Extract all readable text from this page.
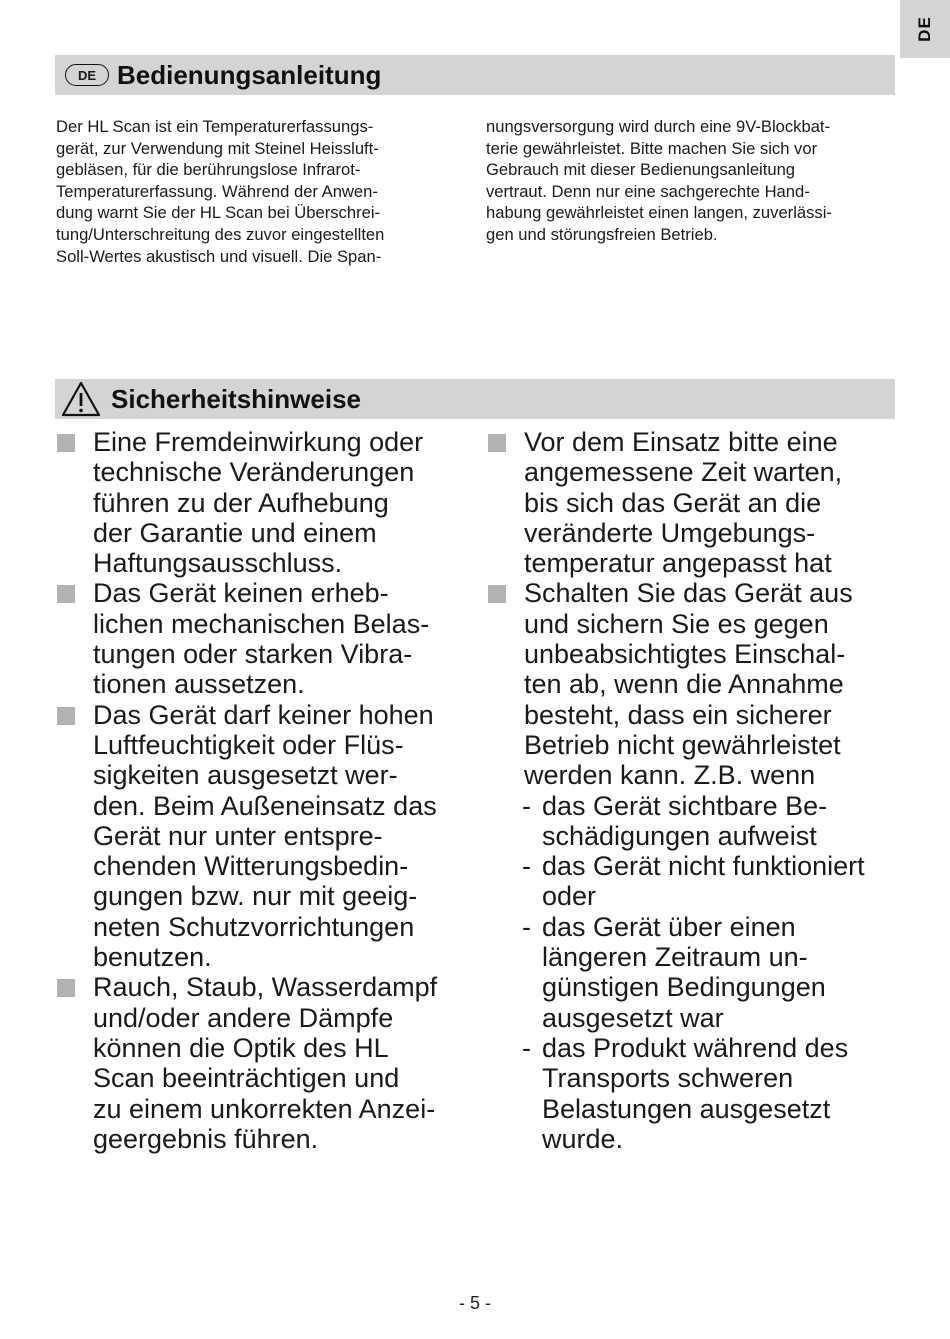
DE
DE Bedienungsanleitung
Der HL Scan ist ein Temperaturerfassungs-
gerät, zur Verwendung mit Steinel Heissluft-
gebläsen, für die berührungslose Infrarot-
Temperaturerfassung. Während der Anwen-
dung warnt Sie der HL Scan bei Überschrei-
tung/Unterschreitung des zuvor eingestellten
Soll-Wertes akustisch und visuell. Die Span-
nungsversorgung wird durch eine 9V-Blockbat-
terie gewährleistet. Bitte machen Sie sich vor
Gebrauch mit dieser Bedienungsanleitung
vertraut. Denn nur eine sachgerechte Hand-
habung gewährleistet einen langen, zuverlässi-
gen und störungsfreien Betrieb.
Sicherheitshinweise
Eine Fremdeinwirkung oder
technische Veränderungen
führen zu der Aufhebung
der Garantie und einem
Haftungsausschluss.
Das Gerät keinen erheb-
lichen mechanischen Belas-
tungen oder starken Vibra-
tionen aussetzen.
Das Gerät darf keiner hohen
Luftfeuchtigkeit oder Flüs-
sigkeiten ausgesetzt wer-
den. Beim Außeneinsatz das
Gerät nur unter entspre-
chenden Witterungsbedin-
gungen bzw. nur mit geeig-
neten Schutzvorrichtungen
benutzen.
Rauch, Staub, Wasserdampf
und/oder andere Dämpfe
können die Optik des HL
Scan beeinträchtigen und
zu einem unkorrekten Anzei-
geergebnis führen.
Vor dem Einsatz bitte eine
angemessene Zeit warten,
bis sich das Gerät an die
veränderte Umgebungs-
temperatur angepasst hat
Schalten Sie das Gerät aus
und sichern Sie es gegen
unbeabsichtigtes Einschal-
ten ab, wenn die Annahme
besteht, dass ein sicherer
Betrieb nicht gewährleistet
werden kann. Z.B. wenn
- das Gerät sichtbare Be-
schädigungen aufweist
- das Gerät nicht funktioniert
oder
- das Gerät über einen
längeren Zeitraum un-
günstigen Bedingungen
ausgesetzt war
- das Produkt während des
Transports schweren
Belastungen ausgesetzt
wurde.
- 5 -
